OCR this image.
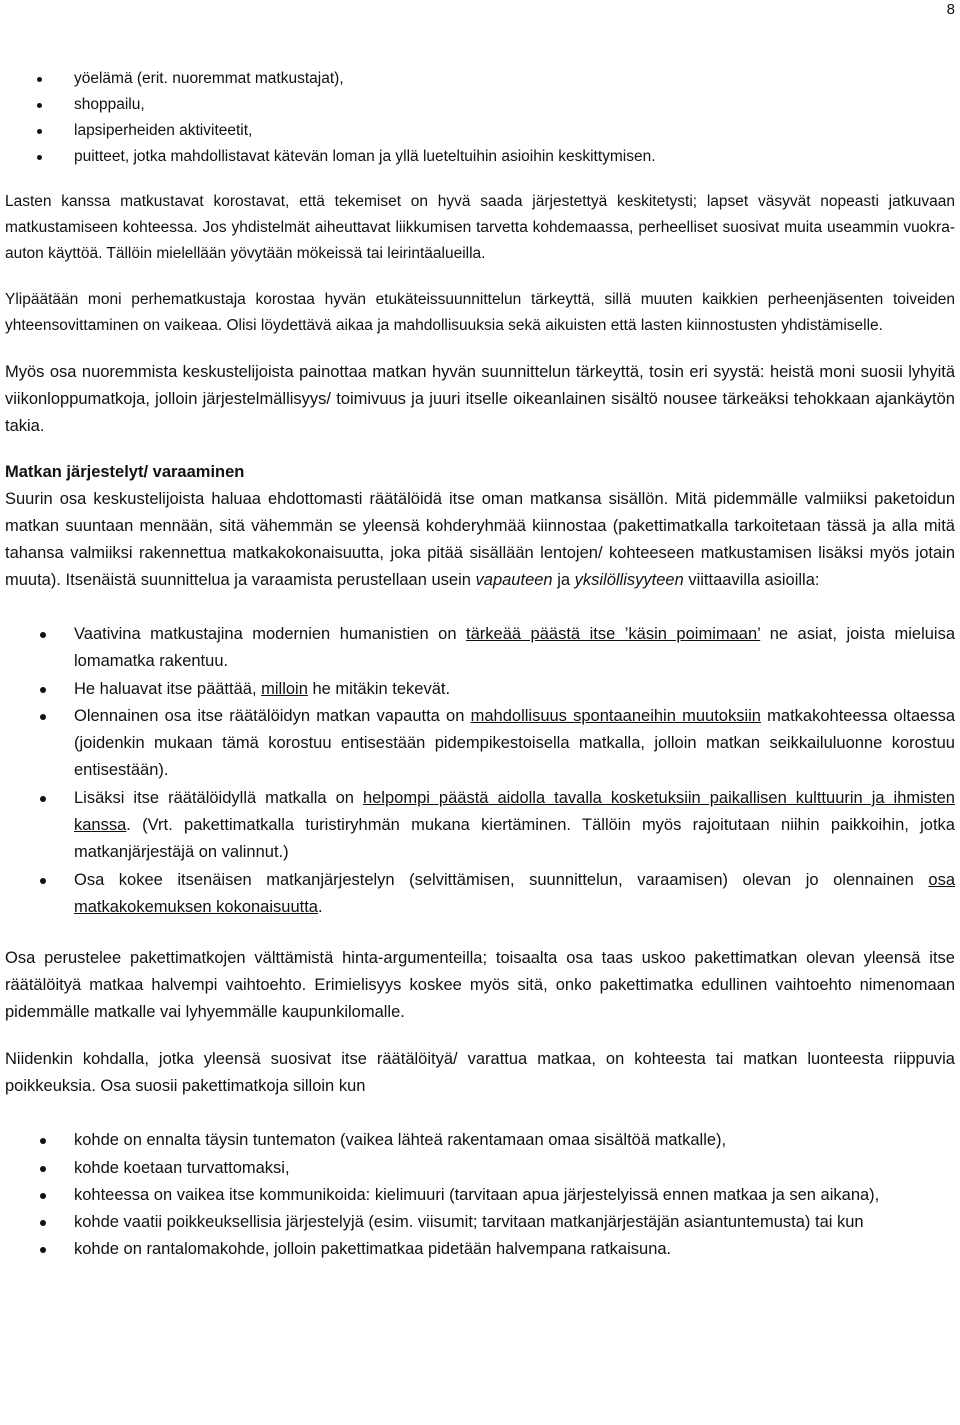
8
yöelämä (erit. nuoremmat matkustajat),
shoppailu,
lapsiperheiden aktiviteetit,
puitteet, jotka mahdollistavat kätevän loman ja yllä lueteltuihin asioihin keskittymisen.

Lasten kanssa matkustavat korostavat, että tekemiset on hyvä saada järjestettyä keskitetysti; lapset väsyvät nopeasti jatkuvaan matkustamiseen kohteessa. Jos yhdistelmät aiheuttavat liikkumisen tarvetta kohdemaassa, perheelliset suosivat muita useammin vuokra-auton käyttöä. Tällöin mielellään yövytään mökeissä tai leirintäalueilla.

Ylipäätään moni perhematkustaja korostaa hyvän etukäteissuunnittelun tärkeyttä, sillä muuten kaikkien perheenjäsenten toiveiden yhteensovittaminen on vaikeaa. Olisi löydettävä aikaa ja mahdollisuuksia sekä aikuisten että lasten kiinnostusten yhdistämiselle.

Myös osa nuoremmista keskustelijoista painottaa matkan hyvän suunnittelun tärkeyttä, tosin eri syystä: heistä moni suosii lyhyitä viikonloppumatkoja, jolloin järjestelmällisyys/ toimivuus ja juuri itselle oikeanlainen sisältö nousee tärkeäksi tehokkaan ajankäytön takia.

Matkan järjestelyt/ varaaminen

Suurin osa keskustelijoista haluaa ehdottomasti räätälöidä itse oman matkansa sisällön. Mitä pidemmälle valmiiksi paketoidun matkan suuntaan mennään, sitä vähemmän se yleensä kohderyhmää kiinnostaa (pakettimatkalla tarkoitetaan tässä ja alla mitä tahansa valmiiksi rakennettua matkakokonaisuutta, joka pitää sisällään lentojen/ kohteeseen matkustamisen lisäksi myös jotain muuta). Itsenäistä suunnittelua ja varaamista perustellaan usein vapauteen ja yksilöllisyyteen viittaavilla asioilla:

Vaativina matkustajina modernien humanistien on tärkeää päästä itse ’käsin poimimaan’ ne asiat, joista mieluisa lomamatka rakentuu.
He haluavat itse päättää, milloin he mitäkin tekevät.
Olennainen osa itse räätälöidyn matkan vapautta on mahdollisuus spontaaneihin muutoksiin matkakohteessa oltaessa (joidenkin mukaan tämä korostuu entisestään pidempikestoisella matkalla, jolloin matkan seikkailuluonne korostuu entisestään).
Lisäksi itse räätälöidyllä matkalla on helpompi päästä aidolla tavalla kosketuksiin paikallisen kulttuurin ja ihmisten kanssa. (Vrt. pakettimatkalla turistiryhmän mukana kiertäminen. Tällöin myös rajoitutaan niihin paikkoihin, jotka matkanjärjestäjä on valinnut.)
Osa kokee itsenäisen matkanjärjestelyn (selvittämisen, suunnittelun, varaamisen) olevan jo olennainen osa matkakokemuksen kokonaisuutta.

Osa perustelee pakettimatkojen välttämistä hinta-argumenteilla; toisaalta osa taas uskoo pakettimatkan olevan yleensä itse räätälöityä matkaa halvempi vaihtoehto. Erimielisyys koskee myös sitä, onko pakettimatka edullinen vaihtoehto nimenomaan pidemmälle matkalle vai lyhyemmälle kaupunkilomalle.

Niidenkin kohdalla, jotka yleensä suosivat itse räätälöityä/ varattua matkaa, on kohteesta tai matkan luonteesta riippuvia poikkeuksia. Osa suosii pakettimatkoja silloin kun

kohde on ennalta täysin tuntematon (vaikea lähteä rakentamaan omaa sisältöä matkalle),
kohde koetaan turvattomaksi,
kohteessa on vaikea itse kommunikoida: kielimuuri (tarvitaan apua järjestelyissä ennen matkaa ja sen aikana),
kohde vaatii poikkeuksellisia järjestelyjä (esim. viisumit; tarvitaan matkanjärjestäjän asiantuntemusta) tai kun
kohde on rantalomakohde, jolloin pakettimatkaa pidetään halvempana ratkaisuna.
